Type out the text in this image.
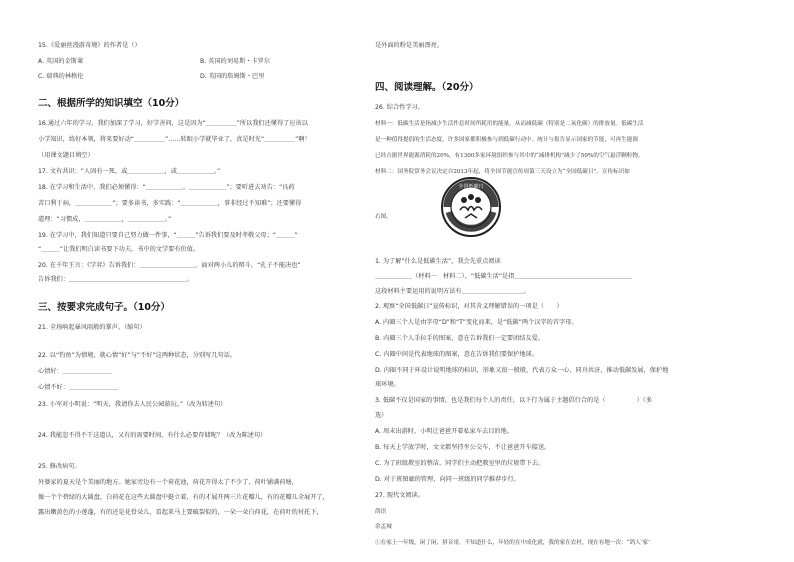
15.《爱丽丝漫游奇境》的作者是（）
A. 英国的金斯莱	B. 英国的刘易斯・卡罗尔
C. 瑞典的林格伦	D. 英国的詹姆斯・巴里
二、根据所学的知识填空（10分）
16.通过六年的学习，我们加深了学习，好学善问，这是因为“＿＿＿＿＿”所以我们还懂得了应该以
小学知识，练好本领，将来要好动“＿＿＿＿＿”……转眼小学就毕业了，真是时光“＿＿＿＿＿”啊！
（用课文题目填空）
17. 文有共识：“人固有一死，或＿＿＿＿＿＿，或＿＿＿＿＿＿。”
18. 在学习和生活中，我们必须懂得：“＿＿＿＿＿＿，＿＿＿＿＿＿”；要听进去劝告：“良药
苦口利于病，＿＿＿＿＿＿”；要多读书，多实践：“＿＿＿＿＿＿，事非经过不知难”；还要懂得
道理：“习惯成，＿＿＿＿＿＿，＿＿＿＿＿＿。”
19. 在学习中，我们知道只要自己努力做一件事，“＿＿＿”告诉我们要及时孝敬父母；“＿＿＿”
“＿＿＿”让我们明白读书要下功夫，书中的文学要有价值。
20. 在千年王言：《学弈》告诉我们：＿＿＿＿＿＿＿＿＿。面对两小儿的辩斗，“孔子不能决也”
告诉我们：＿＿＿＿＿＿＿＿＿＿＿＿＿＿＿＿＿＿＿。
三、按要求完成句子。（10分）
21. 全场响起暴风雨般的掌声。（缩句）
22. 以“钓鱼”为情境，就心情“好”与“不好”这两种状态，分别写几句话。
心情好：＿＿＿＿＿＿＿＿
心情不好：＿＿＿＿＿＿＿＿
23. 小军对小明说：“明天，我请你去人民公园游玩。”（改为转述句）
24. 我能忽不得不干这道认，又有的需要时间，有什么必要存储呢？（改为陈述句）
25. 修改病句。
外婆家的夏天是个美丽的地方。她家旁边有一个荷花池，荷花开得太了不少了，荷叶铺满荷塘，
像一个个碧绿的大圆盘，白荷花在这些大圆盘中挺立着，有的才展开两三片花瓣儿，有的花瓣儿全展开了，
露出嫩黄色的小莲蓬，有的还是花骨朵儿，看起来马上要破裂似的，一朵一朵白荷花，在荷叶的衬托下，
是外面的粉是美丽漂亮。
四、阅读理解。（20分）
26. 综合性学习。
材料一：低碳生活是指减少生活作息时间所耗用的能量，从而减低碳（特别是二氧化碳）的排放量。低碳生活
是一种值得提倡的生活态度，许多国家都积极参与到低碳行动中。统计与报告显示国家的节能，可再生能源
已经占据世界能源消耗的20%，有1300多家环境组织参与其中的“减排机构”减少了50%的空气悬浮颗粒物。
材料二：国务院常务会议决定自2013年起，将全国节能宣传周第三天设立为“全国低碳日”。宣传标识如
右图。
全国低碳日
1. 为了解“什么是低碳生活”，我会先重点阅读
＿＿＿＿＿＿（材料一　材料二），“低碳生活”是指＿＿＿＿＿＿＿＿＿＿＿＿＿＿＿＿＿＿＿
这段材料主要运用的说明方法有＿＿＿＿＿＿＿＿＿＿。
2. 观察“全国低碳日”宣传标识，对其含义理解错误的一项是（　　）
A. 内圈三个人是由字母“D”和“T”变化而来，是“低碳”两个汉字的首字母。
B. 内圈三个人手拉手的图案，意在告诉我们一定要团结友爱。
C. 内圈中间是代表地球的图案，意在告诉我们要保护地球。
D. 内圈不同于环设计说明地球的标识，形象又很一般般，代表万众一心、同舟共济，推动低碳发展，保护地
球环境。
3. 低碳不仅是国家的事情，也是我们每个人的责任，以下行为属于主题倡行合的是（　　　　　）（多
选）
A. 周末出游时，小明让爸爸开着私家车去目的地。
B. 每天上学放学时，文文都坚持坐公交车，不让爸爸开车接送。
C. 为了班级教室的整洁，同学们主动把教室里的垃圾带下去。
D. 对于班图廊的管理，向同一班级的同学推荐步行。
27. 现代文阅读。
鸽语
余孟城
①在家上一年级，闲了闲，拼音哥，不知道什么，年轻的在中成化就，我的家在农村，现在有地一次：“鸽人‘家’
